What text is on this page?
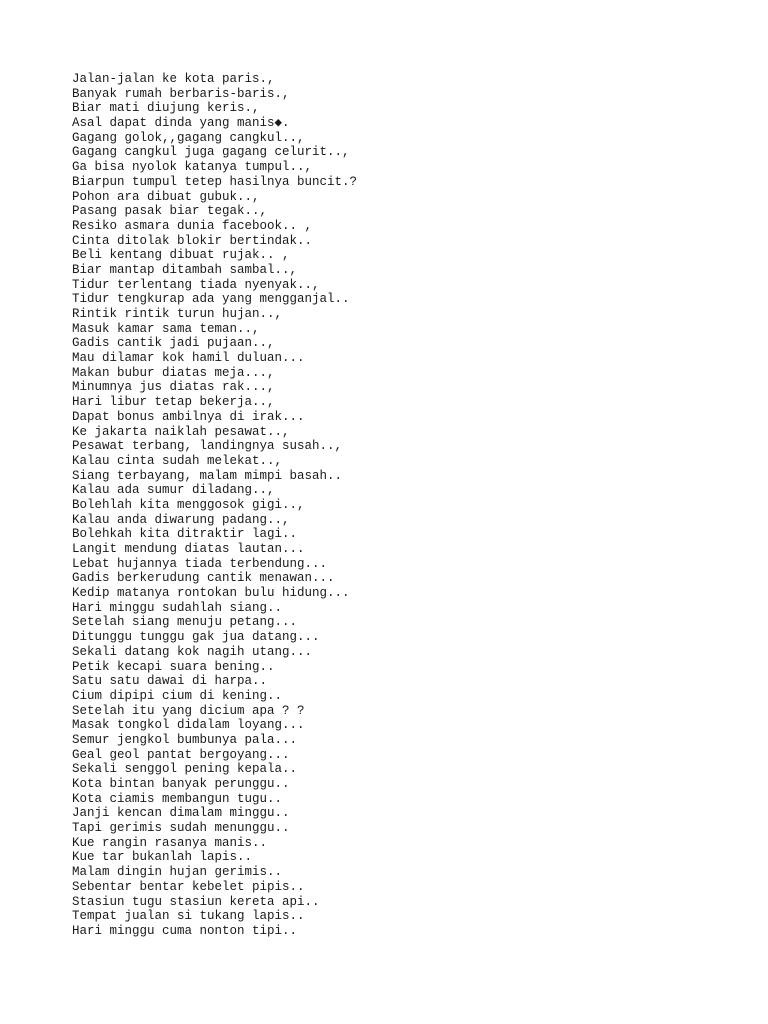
Jalan-jalan ke kota paris.,
Banyak rumah berbaris-baris.,
Biar mati diujung keris.,
Asal dapat dinda yang manis◆.
Gagang golok,,gagang cangkul..,
Gagang cangkul juga gagang celurit..,
Ga bisa nyolok katanya tumpul..,
Biarpun tumpul tetep hasilnya buncit.?
Pohon ara dibuat gubuk..,
Pasang pasak biar tegak..,
Resiko asmara dunia facebook.. ,
Cinta ditolak blokir bertindak..
Beli kentang dibuat rujak.. ,
Biar mantap ditambah sambal..,
Tidur terlentang tiada nyenyak..,
Tidur tengkurap ada yang mengganjal..
Rintik rintik turun hujan..,
Masuk kamar sama teman..,
Gadis cantik jadi pujaan..,
Mau dilamar kok hamil duluan...
Makan bubur diatas meja...,
Minumnya jus diatas rak...,
Hari libur tetap bekerja..,
Dapat bonus ambilnya di irak...
Ke jakarta naiklah pesawat..,
Pesawat terbang, landingnya susah..,
Kalau cinta sudah melekat..,
Siang terbayang, malam mimpi basah..
Kalau ada sumur diladang..,
Bolehlah kita menggosok gigi..,
Kalau anda diwarung padang..,
Bolehkah kita ditraktir lagi..
Langit mendung diatas lautan...
Lebat hujannya tiada terbendung...
Gadis berkerudung cantik menawan...
Kedip matanya rontokan bulu hidung...
Hari minggu sudahlah siang..
Setelah siang menuju petang...
Ditunggu tunggu gak jua datang...
Sekali datang kok nagih utang...
Petik kecapi suara bening..
Satu satu dawai di harpa..
Cium dipipi cium di kening..
Setelah itu yang dicium apa ? ?
Masak tongkol didalam loyang...
Semur jengkol bumbunya pala...
Geal geol pantat bergoyang...
Sekali senggol pening kepala..
Kota bintan banyak perunggu..
Kota ciamis membangun tugu..
Janji kencan dimalam minggu..
Tapi gerimis sudah menunggu..
Kue rangin rasanya manis..
Kue tar bukanlah lapis..
Malam dingin hujan gerimis..
Sebentar bentar kebelet pipis..
Stasiun tugu stasiun kereta api..
Tempat jualan si tukang lapis..
Hari minggu cuma nonton tipi..
